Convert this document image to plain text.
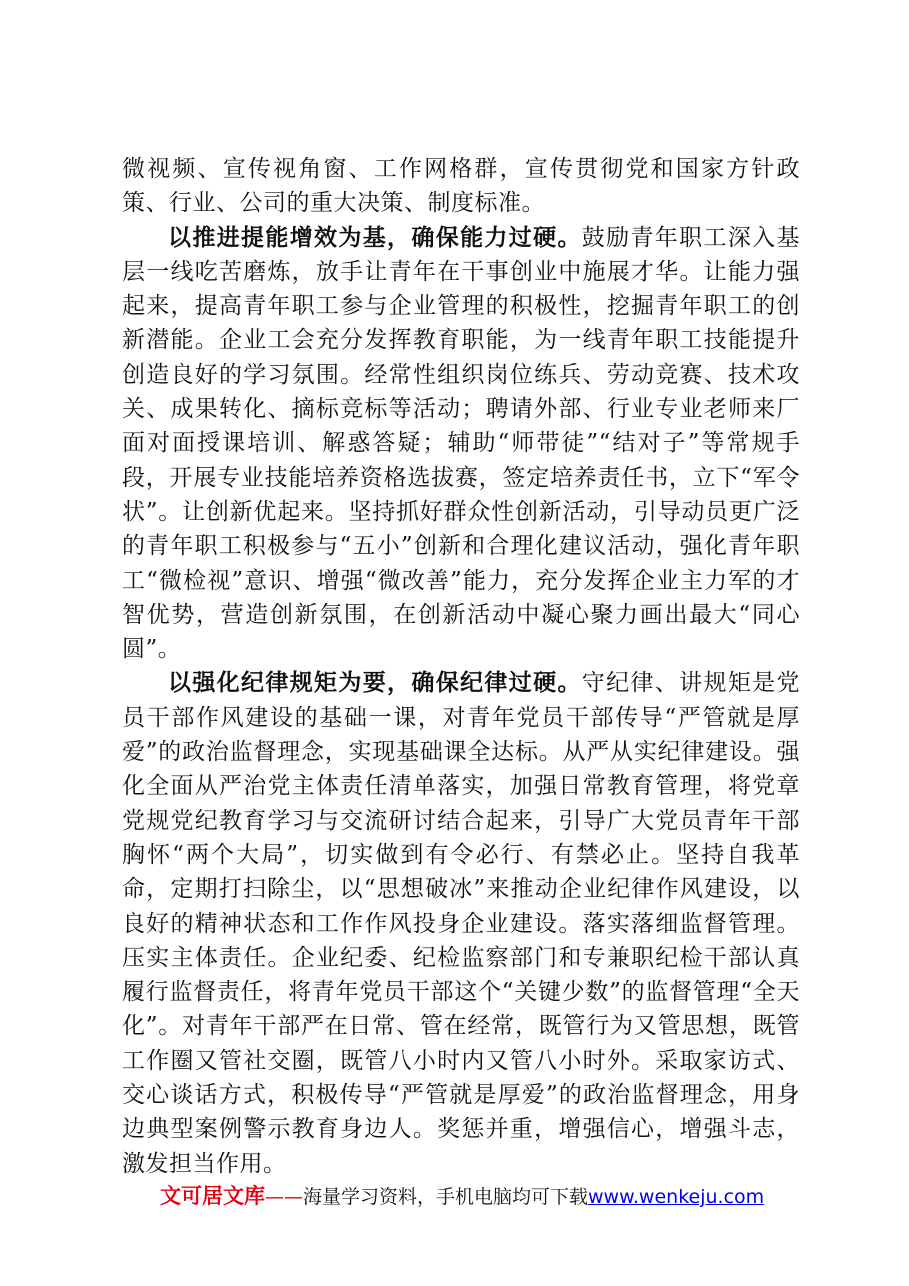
微视频、宣传视角窗、工作网格群，宣传贯彻党和国家方针政策、行业、公司的重大决策、制度标准。

以推进提能增效为基，确保能力过硬。鼓励青年职工深入基层一线吃苦磨炼，放手让青年在干事创业中施展才华。让能力强起来，提高青年职工参与企业管理的积极性，挖掘青年职工的创新潜能。企业工会充分发挥教育职能，为一线青年职工技能提升创造良好的学习氛围。经常性组织岗位练兵、劳动竞赛、技术攻关、成果转化、摘标竞标等活动；聘请外部、行业专业老师来厂面对面授课培训、解惑答疑；辅助“师带徒”“结对子”等常规手段，开展专业技能培养资格选拔赛，签定培养责任书，立下“军令状”。让创新优起来。坚持抓好群众性创新活动，引导动员更广泛的青年职工积极参与“五小”创新和合理化建议活动，强化青年职工“微检视”意识、增强“微改善”能力，充分发挥企业主力军的才智优势，营造创新氛围，在创新活动中凝心聚力画出最大“同心圆”。

以强化纪律规矩为要，确保纪律过硬。守纪律、讲规矩是党员干部作风建设的基础一课，对青年党员干部传导“严管就是厚爱”的政治监督理念，实现基础课全达标。从严从实纪律建设。强化全面从严治党主体责任清单落实，加强日常教育管理，将党章党规党纪教育学习与交流研讨结合起来，引导广大党员青年干部胸怀“两个大局”，切实做到有令必行、有禁必止。坚持自我革命，定期打扫除尘，以“思想破冰”来推动企业纪律作风建设，以良好的精神状态和工作作风投身企业建设。落实落细监督管理。压实主体责任。企业纪委、纪检监察部门和专兼职纪检干部认真履行监督责任，将青年党员干部这个“关键少数”的监督管理“全天化”。对青年干部严在日常、管在经常，既管行为又管思想，既管工作圈又管社交圈，既管八小时内又管八小时外。采取家访式、交心谈话方式，积极传导“严管就是厚爱”的政治监督理念，用身边典型案例警示教育身边人。奖惩并重，增强信心，增强斗志，激发担当作用。

文可居文库——海量学习资料，手机电脑均可下载www.wenkeju.com
